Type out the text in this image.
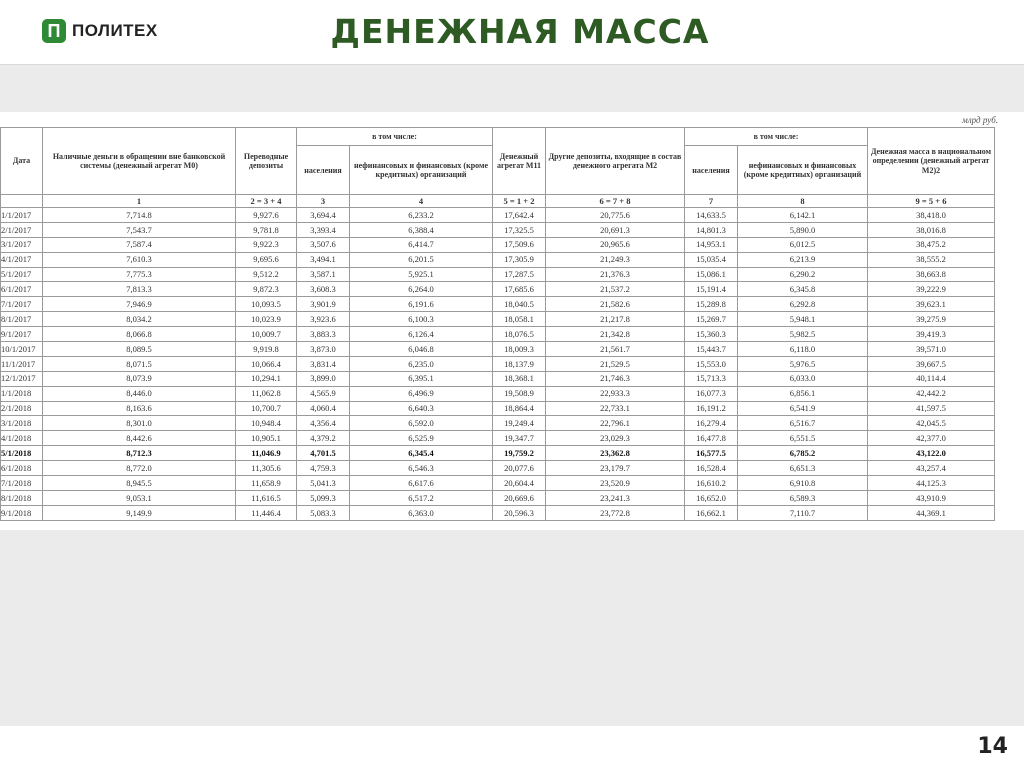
П ПОЛИТЕХ	ДЕНЕЖНАЯ МАССА
млрд руб.
Дата	Наличные деньги в обращении вне банковской системы (денежный агрегат М0)	Переводные депозиты	в том числе:		Денежный агрегат М11	Другие депозиты, входящие в состав денежного агрегата М2	в том числе:		Денежная масса в национальном определении (денежный агрегат М2)2
			населения	нефинансовых и финансовых (кроме кредитных) организаций			населения	нефинансовых и финансовых (кроме кредитных) организаций	
	1	2 = 3 + 4	3	4	5 = 1 + 2	6 = 7 + 8	7	8	9 = 5 + 6
1/1/2017	7,714.8	9,927.6	3,694.4	6,233.2	17,642.4	20,775.6	14,633.5	6,142.1	38,418.0
2/1/2017	7,543.7	9,781.8	3,393.4	6,388.4	17,325.5	20,691.3	14,801.3	5,890.0	38,016.8
3/1/2017	7,587.4	9,922.3	3,507.6	6,414.7	17,509.6	20,965.6	14,953.1	6,012.5	38,475.2
4/1/2017	7,610.3	9,695.6	3,494.1	6,201.5	17,305.9	21,249.3	15,035.4	6,213.9	38,555.2
5/1/2017	7,775.3	9,512.2	3,587.1	5,925.1	17,287.5	21,376.3	15,086.1	6,290.2	38,663.8
6/1/2017	7,813.3	9,872.3	3,608.3	6,264.0	17,685.6	21,537.2	15,191.4	6,345.8	39,222.9
7/1/2017	7,946.9	10,093.5	3,901.9	6,191.6	18,040.5	21,582.6	15,289.8	6,292.8	39,623.1
8/1/2017	8,034.2	10,023.9	3,923.6	6,100.3	18,058.1	21,217.8	15,269.7	5,948.1	39,275.9
9/1/2017	8,066.8	10,009.7	3,883.3	6,126.4	18,076.5	21,342.8	15,360.3	5,982.5	39,419.3
10/1/2017	8,089.5	9,919.8	3,873.0	6,046.8	18,009.3	21,561.7	15,443.7	6,118.0	39,571.0
11/1/2017	8,071.5	10,066.4	3,831.4	6,235.0	18,137.9	21,529.5	15,553.0	5,976.5	39,667.5
12/1/2017	8,073.9	10,294.1	3,899.0	6,395.1	18,368.1	21,746.3	15,713.3	6,033.0	40,114.4
1/1/2018	8,446.0	11,062.8	4,565.9	6,496.9	19,508.9	22,933.3	16,077.3	6,856.1	42,442.2
2/1/2018	8,163.6	10,700.7	4,060.4	6,640.3	18,864.4	22,733.1	16,191.2	6,541.9	41,597.5
3/1/2018	8,301.0	10,948.4	4,356.4	6,592.0	19,249.4	22,796.1	16,279.4	6,516.7	42,045.5
4/1/2018	8,442.6	10,905.1	4,379.2	6,525.9	19,347.7	23,029.3	16,477.8	6,551.5	42,377.0
5/1/2018	8,712.3	11,046.9	4,701.5	6,345.4	19,759.2	23,362.8	16,577.5	6,785.2	43,122.0
6/1/2018	8,772.0	11,305.6	4,759.3	6,546.3	20,077.6	23,179.7	16,528.4	6,651.3	43,257.4
7/1/2018	8,945.5	11,658.9	5,041.3	6,617.6	20,604.4	23,520.9	16,610.2	6,910.8	44,125.3
8/1/2018	9,053.1	11,616.5	5,099.3	6,517.2	20,669.6	23,241.3	16,652.0	6,589.3	43,910.9
9/1/2018	9,149.9	11,446.4	5,083.3	6,363.0	20,596.3	23,772.8	16,662.1	7,110.7	44,369.1
14
